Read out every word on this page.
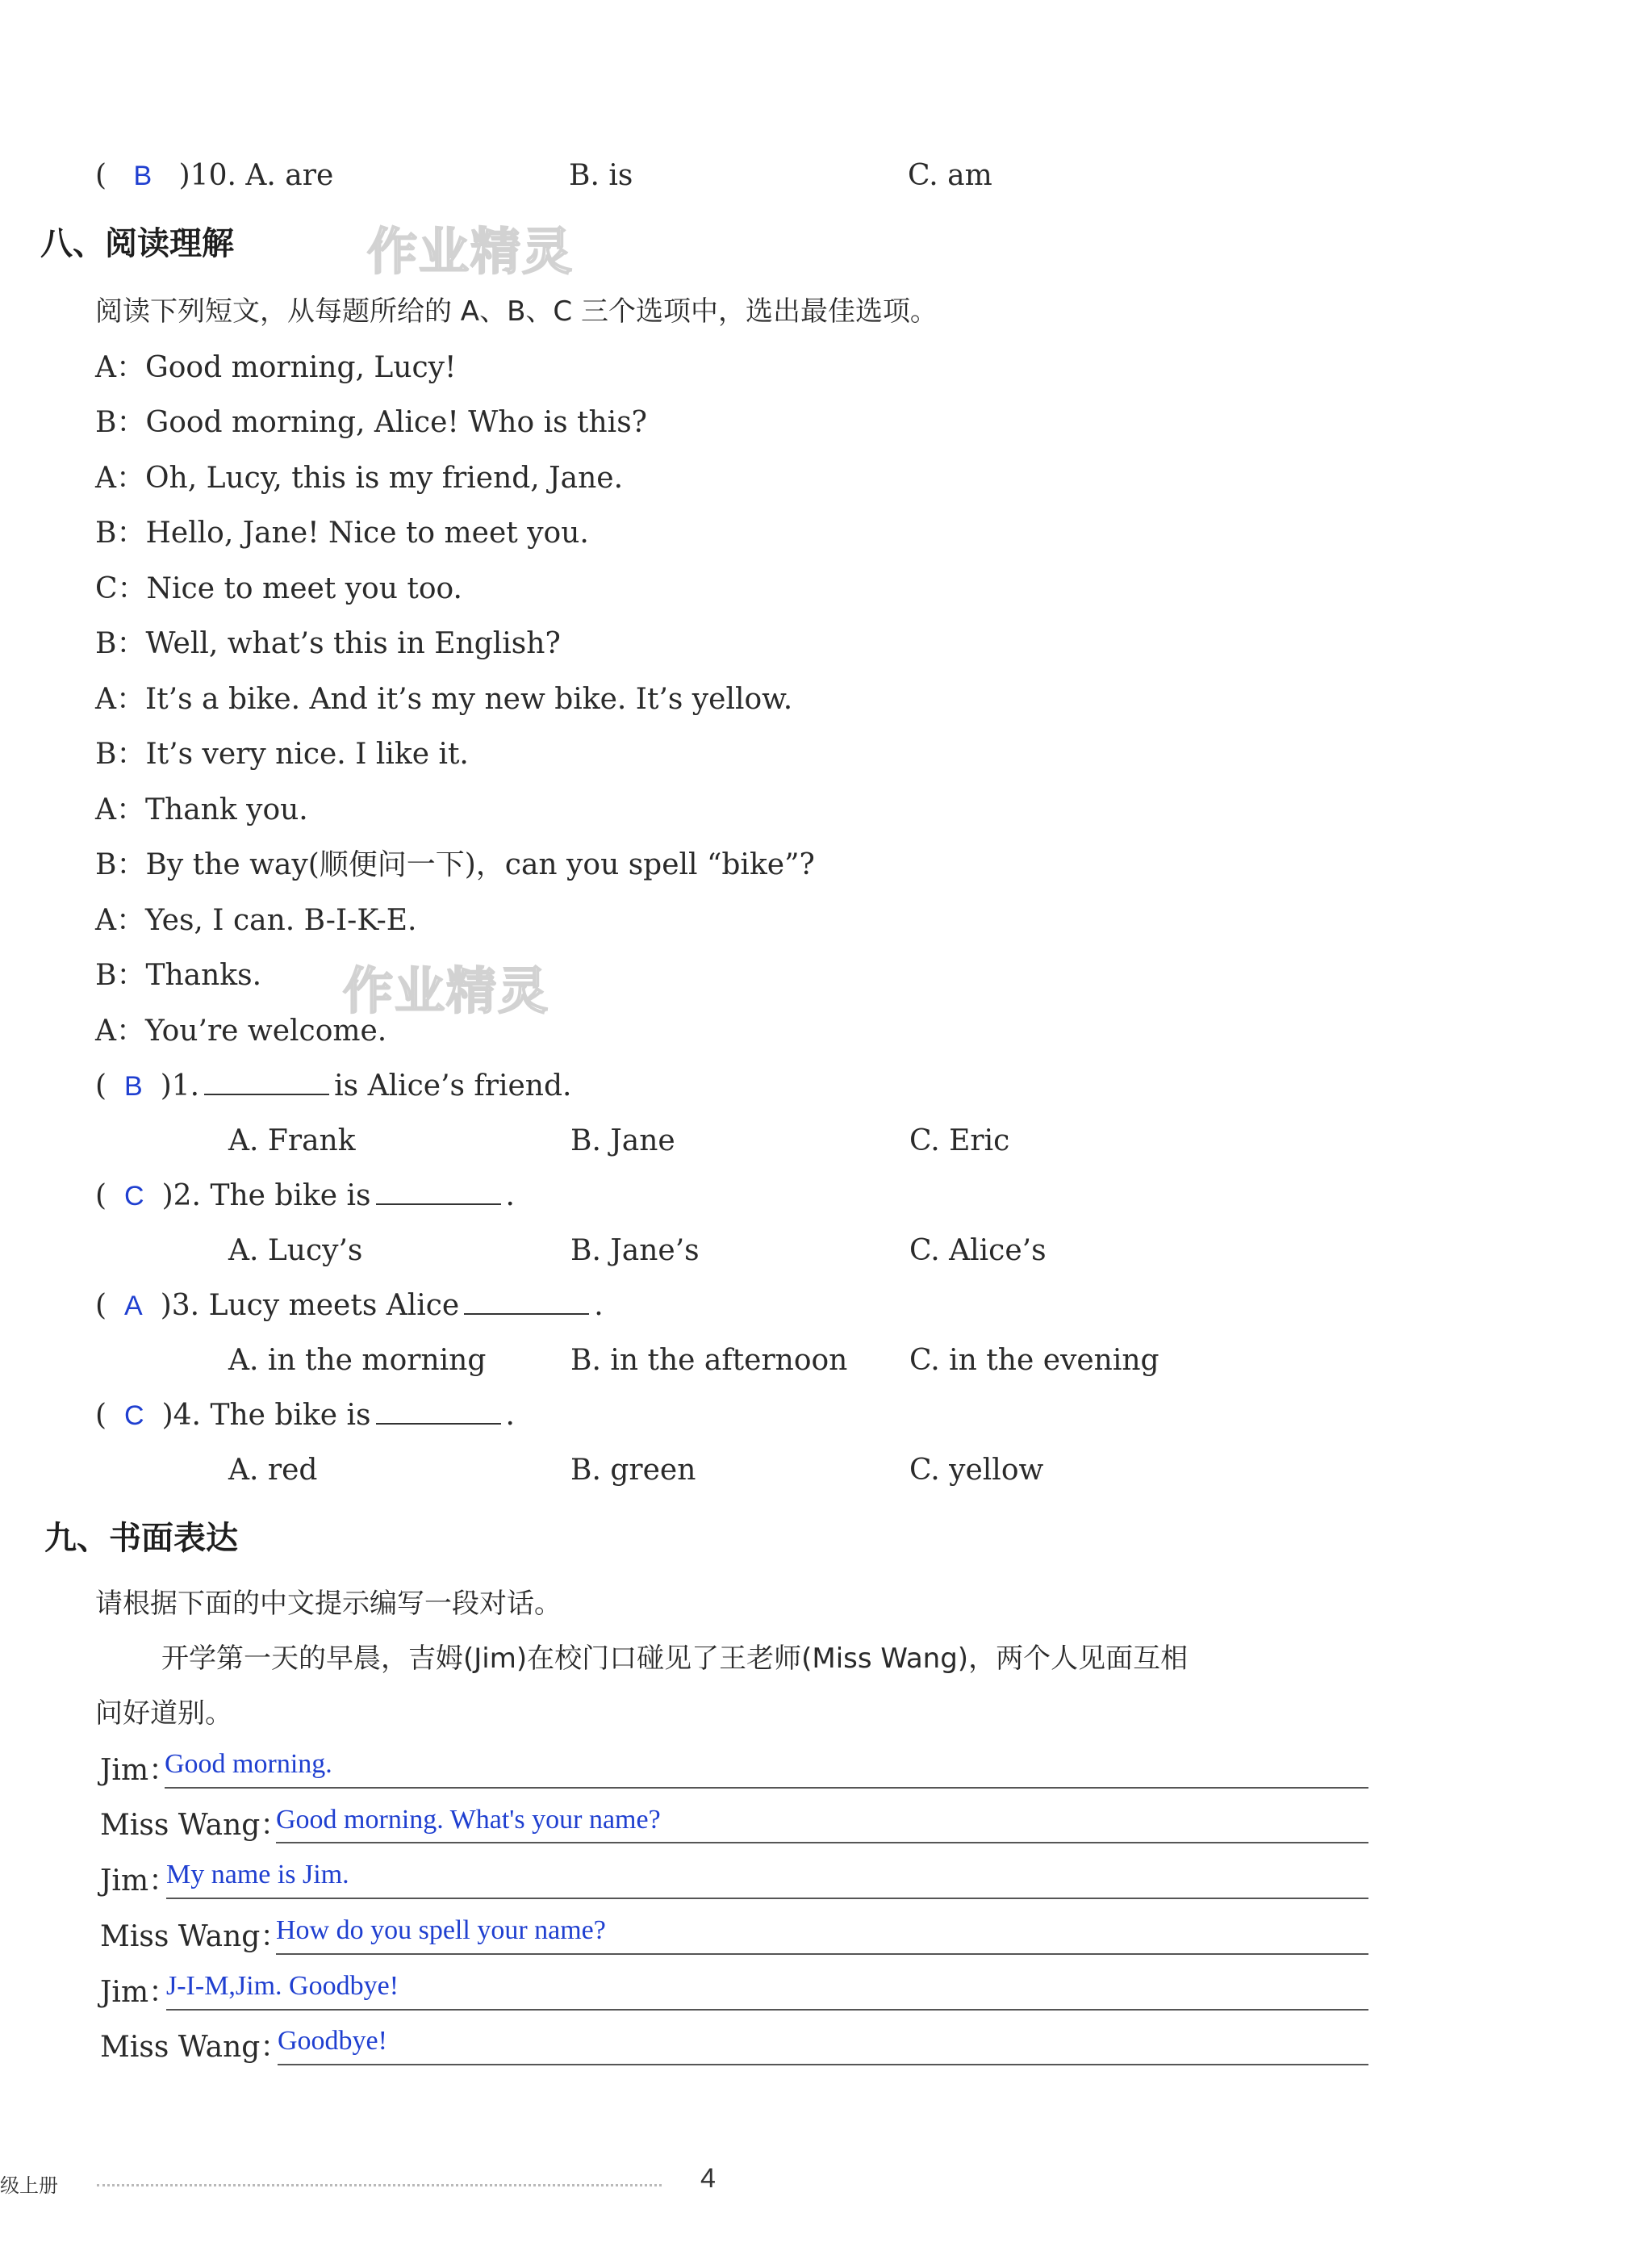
( B )10. A. are	B. is	C. am
八、阅读理解	作业精灵
阅读下列短文，从每题所给的 A、B、C 三个选项中，选出最佳选项。
A：Good morning, Lucy!
B：Good morning, Alice! Who is this?
A：Oh, Lucy, this is my friend, Jane.
B：Hello, Jane! Nice to meet you.
C：Nice to meet you too.
B：Well, what’s this in English?
A：It’s a bike. And it’s my new bike. It’s yellow.
B：It’s very nice. I like it.
A：Thank you.
B：By the way(顺便问一下)，can you spell “bike”?
A：Yes, I can. B-I-K-E.
B：Thanks.
A：You’re welcome.
作业精灵
( B )1.	is Alice’s friend.
A. Frank	B. Jane	C. Eric
( C )2. The bike is	.
A. Lucy’s	B. Jane’s	C. Alice’s
( A )3. Lucy meets Alice	.
A. in the morning	B. in the afternoon C. in the evening
( C )4. The bike is	.
A. red	B. green	C. yellow
九、书面表达
请根据下面的中文提示编写一段对话。
开学第一天的早晨，吉姆(Jim)在校门口碰见了王老师(Miss Wang)，两个人见面互相
问好道别。
Jim：
Good morning.
Miss Wang：
Good morning. What's your name?
Jim：
My name is Jim.
Miss Wang：
How do you spell your name?
Jim：
J-I-M,Jim. Goodbye!
Miss Wang：
Goodbye!
级上册	4
